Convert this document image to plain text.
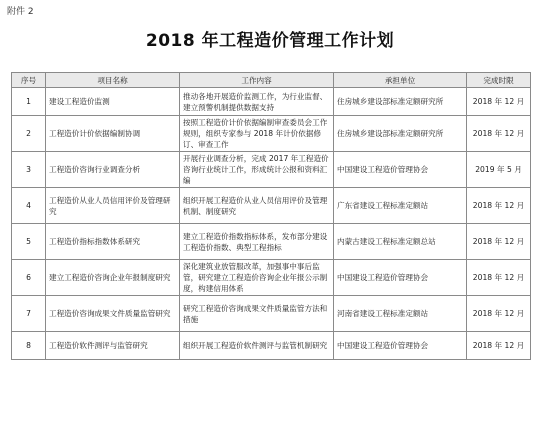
附件 2
2018 年工程造价管理工作计划
序号	项目名称	工作内容	承担单位	完成时限
1	建设工程造价监测	推动各地开展造价监测工作，为行业监督、建立预警机制提供数据支持	住房城乡建设部标准定额研究所	2018 年 12 月
2	工程造价计价依据编制协调	按照工程造价计价依据编制审查委员会工作规则，组织专家参与 2018 年计价依据修订、审查工作	住房城乡建设部标准定额研究所	2018 年 12 月
3	工程造价咨询行业调查分析	开展行业调查分析，完成 2017 年工程造价咨询行业统计工作，形成统计公报和资料汇编	中国建设工程造价管理协会	2019 年 5 月
4	工程造价从业人员信用评价及管理研究	组织开展工程造价从业人员信用评价及管理机制、制度研究	广东省建设工程标准定额站	2018 年 12 月
5	工程造价指标指数体系研究	建立工程造价指数指标体系，发布部分建设工程造价指数、典型工程指标	内蒙古建设工程标准定额总站	2018 年 12 月
6	建立工程造价咨询企业年报制度研究	深化建筑业放管服改革，加强事中事后监管，研究建立工程造价咨询企业年报公示制度，构建信用体系	中国建设工程造价管理协会	2018 年 12 月
7	工程造价咨询成果文件质量监管研究	研究工程造价咨询成果文件质量监管方法和措施	河南省建设工程标准定额站	2018 年 12 月
8	工程造价软件测评与监管研究	组织开展工程造价软件测评与监管机制研究	中国建设工程造价管理协会	2018 年 12 月
